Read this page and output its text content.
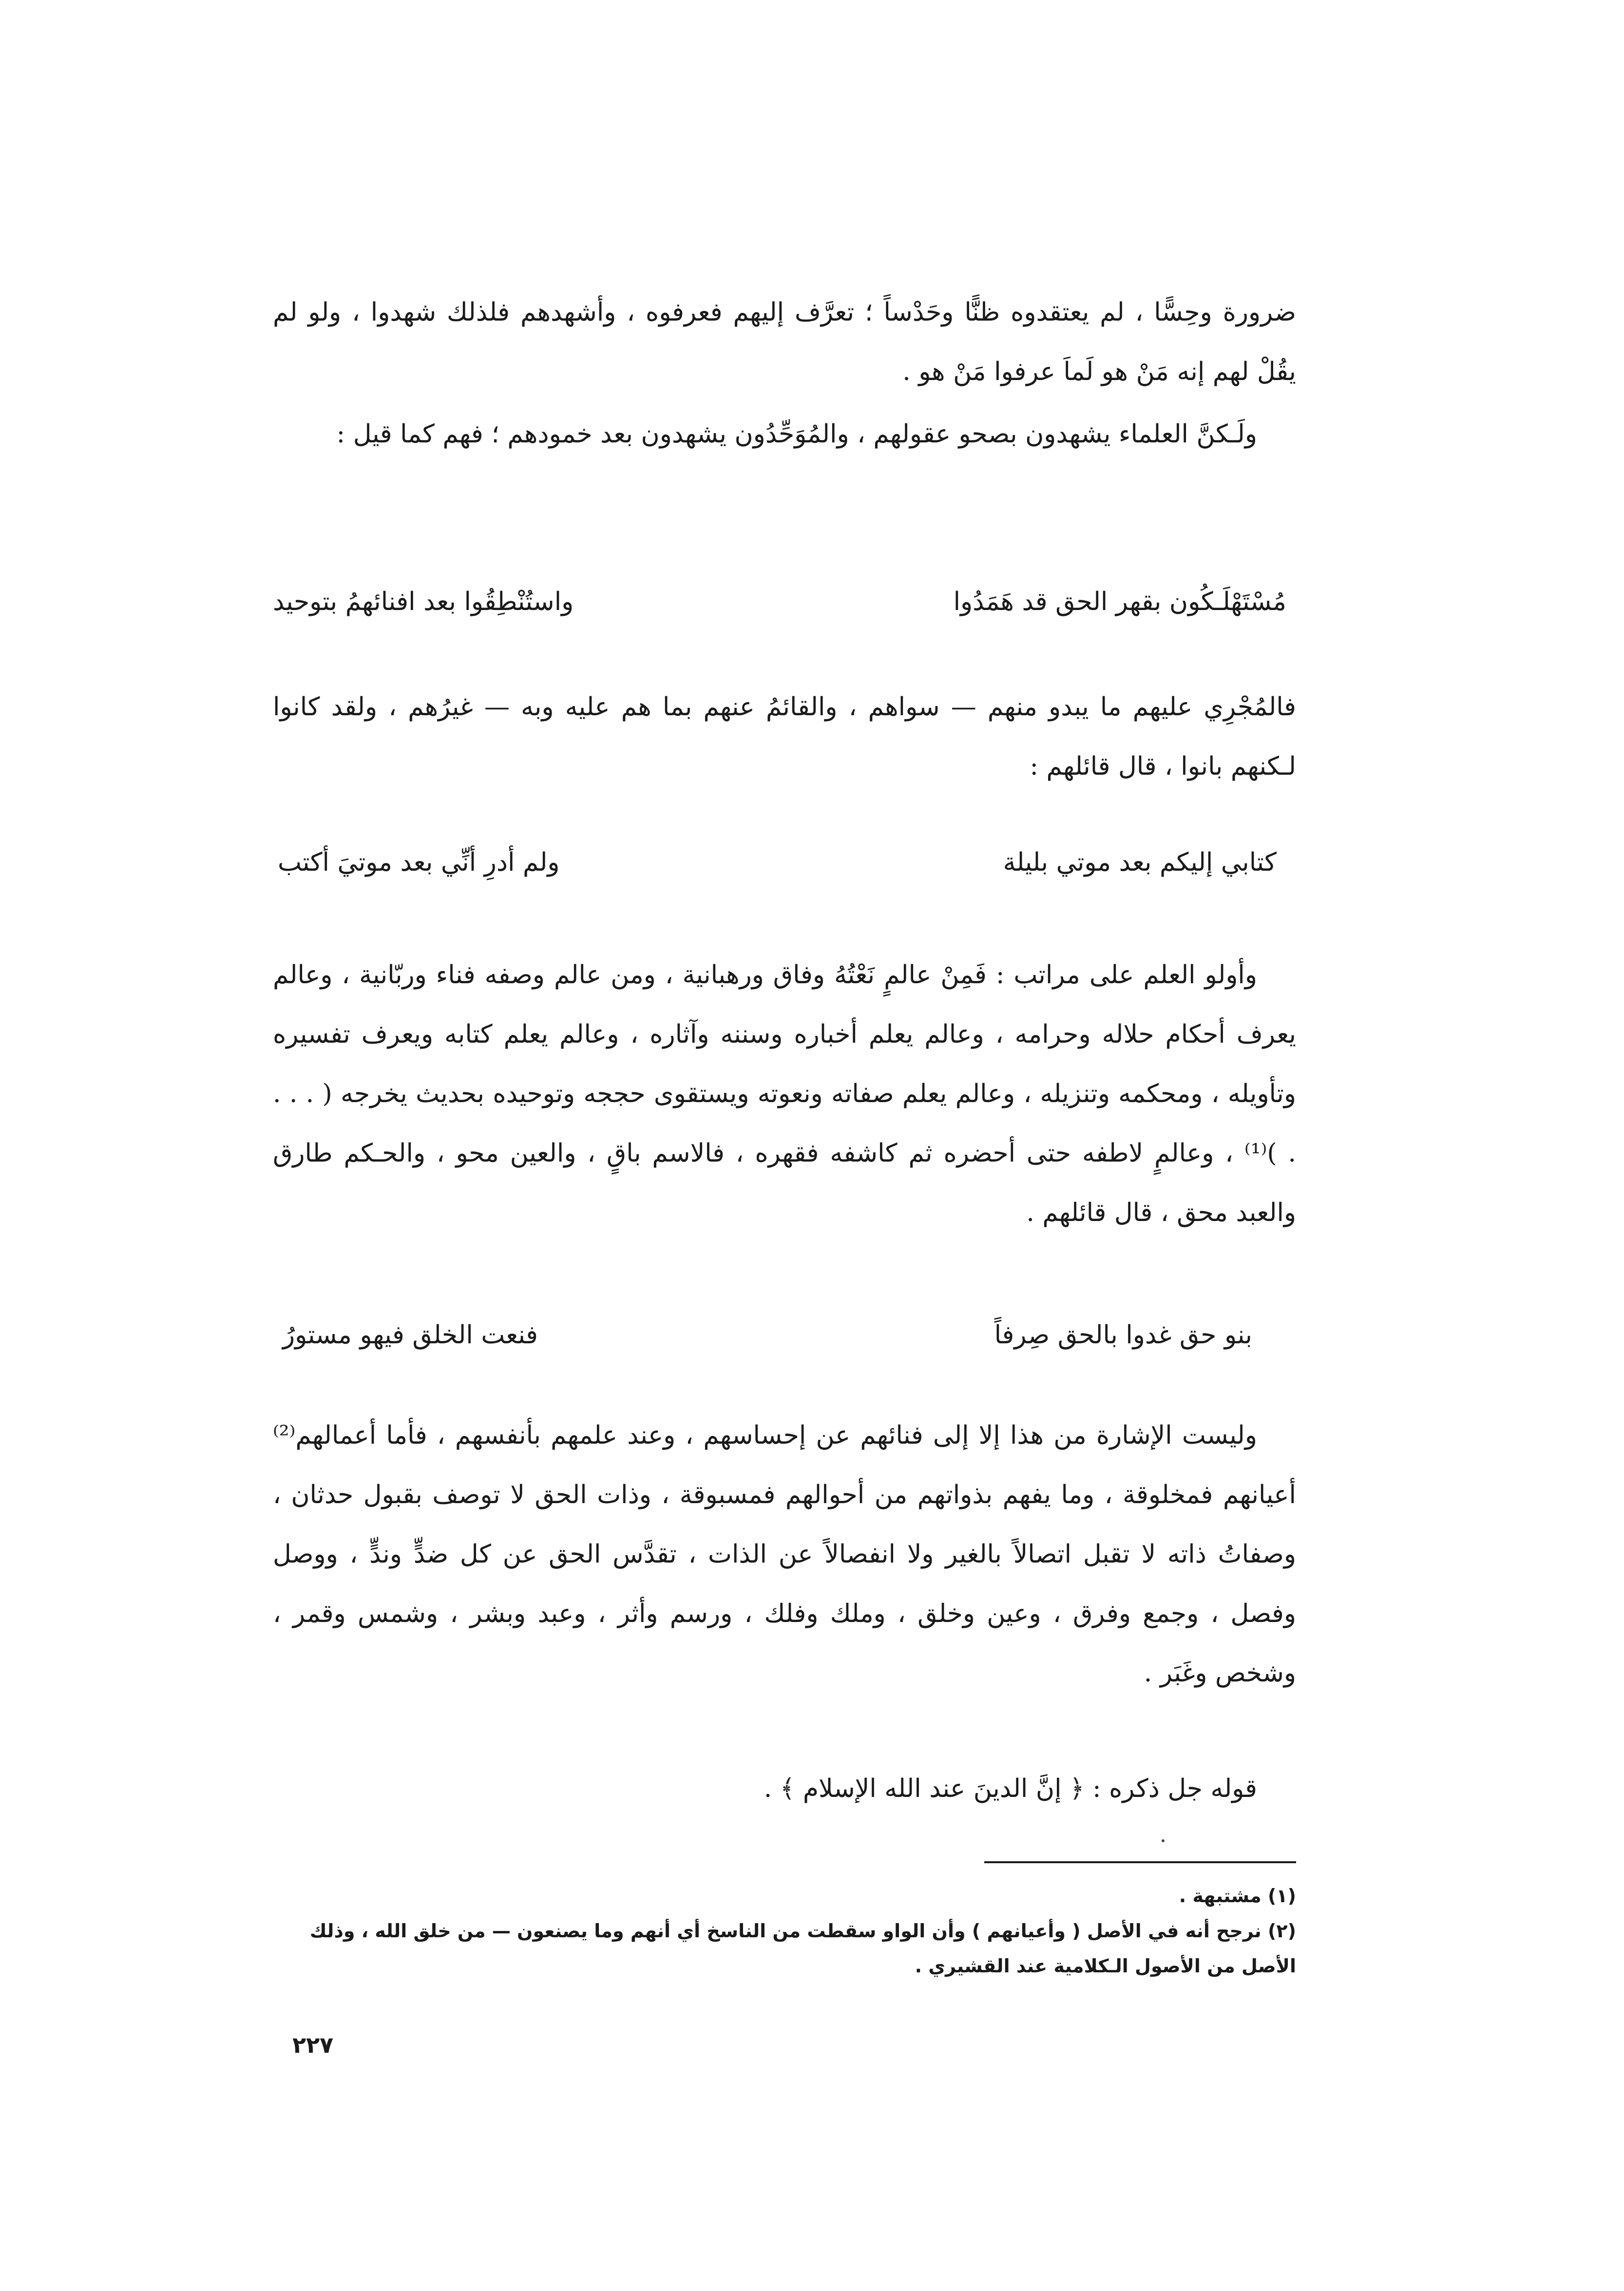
ضرورة وحِسًّا ، لم يعتقدوه ظنًّا وحَدْساً ؛ تعرَّف إليهم فعرفوه ، وأشهدهم فلذلك شهدوا ، ولو لم يقُلْ لهم إنه مَنْ هو لَماَ عرفوا مَنْ هو .

ولَـكنَّ العلماء يشهدون بصحو عقولهم ، والمُوَحِّدُون يشهدون بعد خمودهم ؛ فهم كما قيل :

مُسْتَهْلَـكُون بقهر الحق قد هَمَدُوا
واستُنْطِقُوا بعد افنائهمُ بتوحيد

فالمُجْرِي عليهم ما يبدو منهم — سواهم ، والقائمُ عنهم بما هم عليه وبه — غيرُهم ، ولقد كانوا لـكنهم بانوا ، قال قائلهم :

كتابي إليكم بعد موتي بليلة
ولم أدرِ أنِّي بعد موتيَ أكتب

وأولو العلم على مراتب : فَمِنْ عالمٍ نَعْتُهُ وفاق ورهبانية ، ومن عالم وصفه فناء وربّانية ، وعالم يعرف أحكام حلاله وحرامه ، وعالم يعلم أخباره وسننه وآثاره ، وعالم يعلم كتابه ويعرف تفسيره وتأويله ، ومحكمه وتنزيله ، وعالم يعلم صفاته ونعوته ويستقوى حججه وتوحيده بحديث يخرجه ( . . . . )⁽¹⁾ ، وعالمٍ لاطفه حتى أحضره ثم كاشفه فقهره ، فالاسم باقٍ ، والعين محو ، والحـكم طارق والعبد محق ، قال قائلهم .

بنو حق غدوا بالحق صِرفاً
فنعت الخلق فيهو مستورُ

وليست الإشارة من هذا إلا إلى فنائهم عن إحساسهم ، وعند علمهم بأنفسهم ، فأما أعمالهم⁽²⁾ أعيانهم فمخلوقة ، وما يفهم بذواتهم من أحوالهم فمسبوقة ، وذات الحق لا توصف بقبول حدثان ، وصفاتُ ذاته لا تقبل اتصالاً بالغير ولا انفصالاً عن الذات ، تقدَّس الحق عن كل ضدٍّ وندٍّ ، ووصل وفصل ، وجمع وفرق ، وعين وخلق ، وملك وفلك ، ورسم وأثر ، وعبد وبشر ، وشمس وقمر ، وشخص وغَبَر .

قوله جل ذكره : ﴿ إنَّ الدينَ عند الله الإسلام ﴾ .

(١) مشتبهة .

(٢) نرجح أنه في الأصل ( وأعيانهم ) وأن الواو سقطت من الناسخ أي أنهم وما يصنعون — من خلق الله ، وذلك الأصل من الأصول الـكلامية عند القشيري .

٢٢٧
